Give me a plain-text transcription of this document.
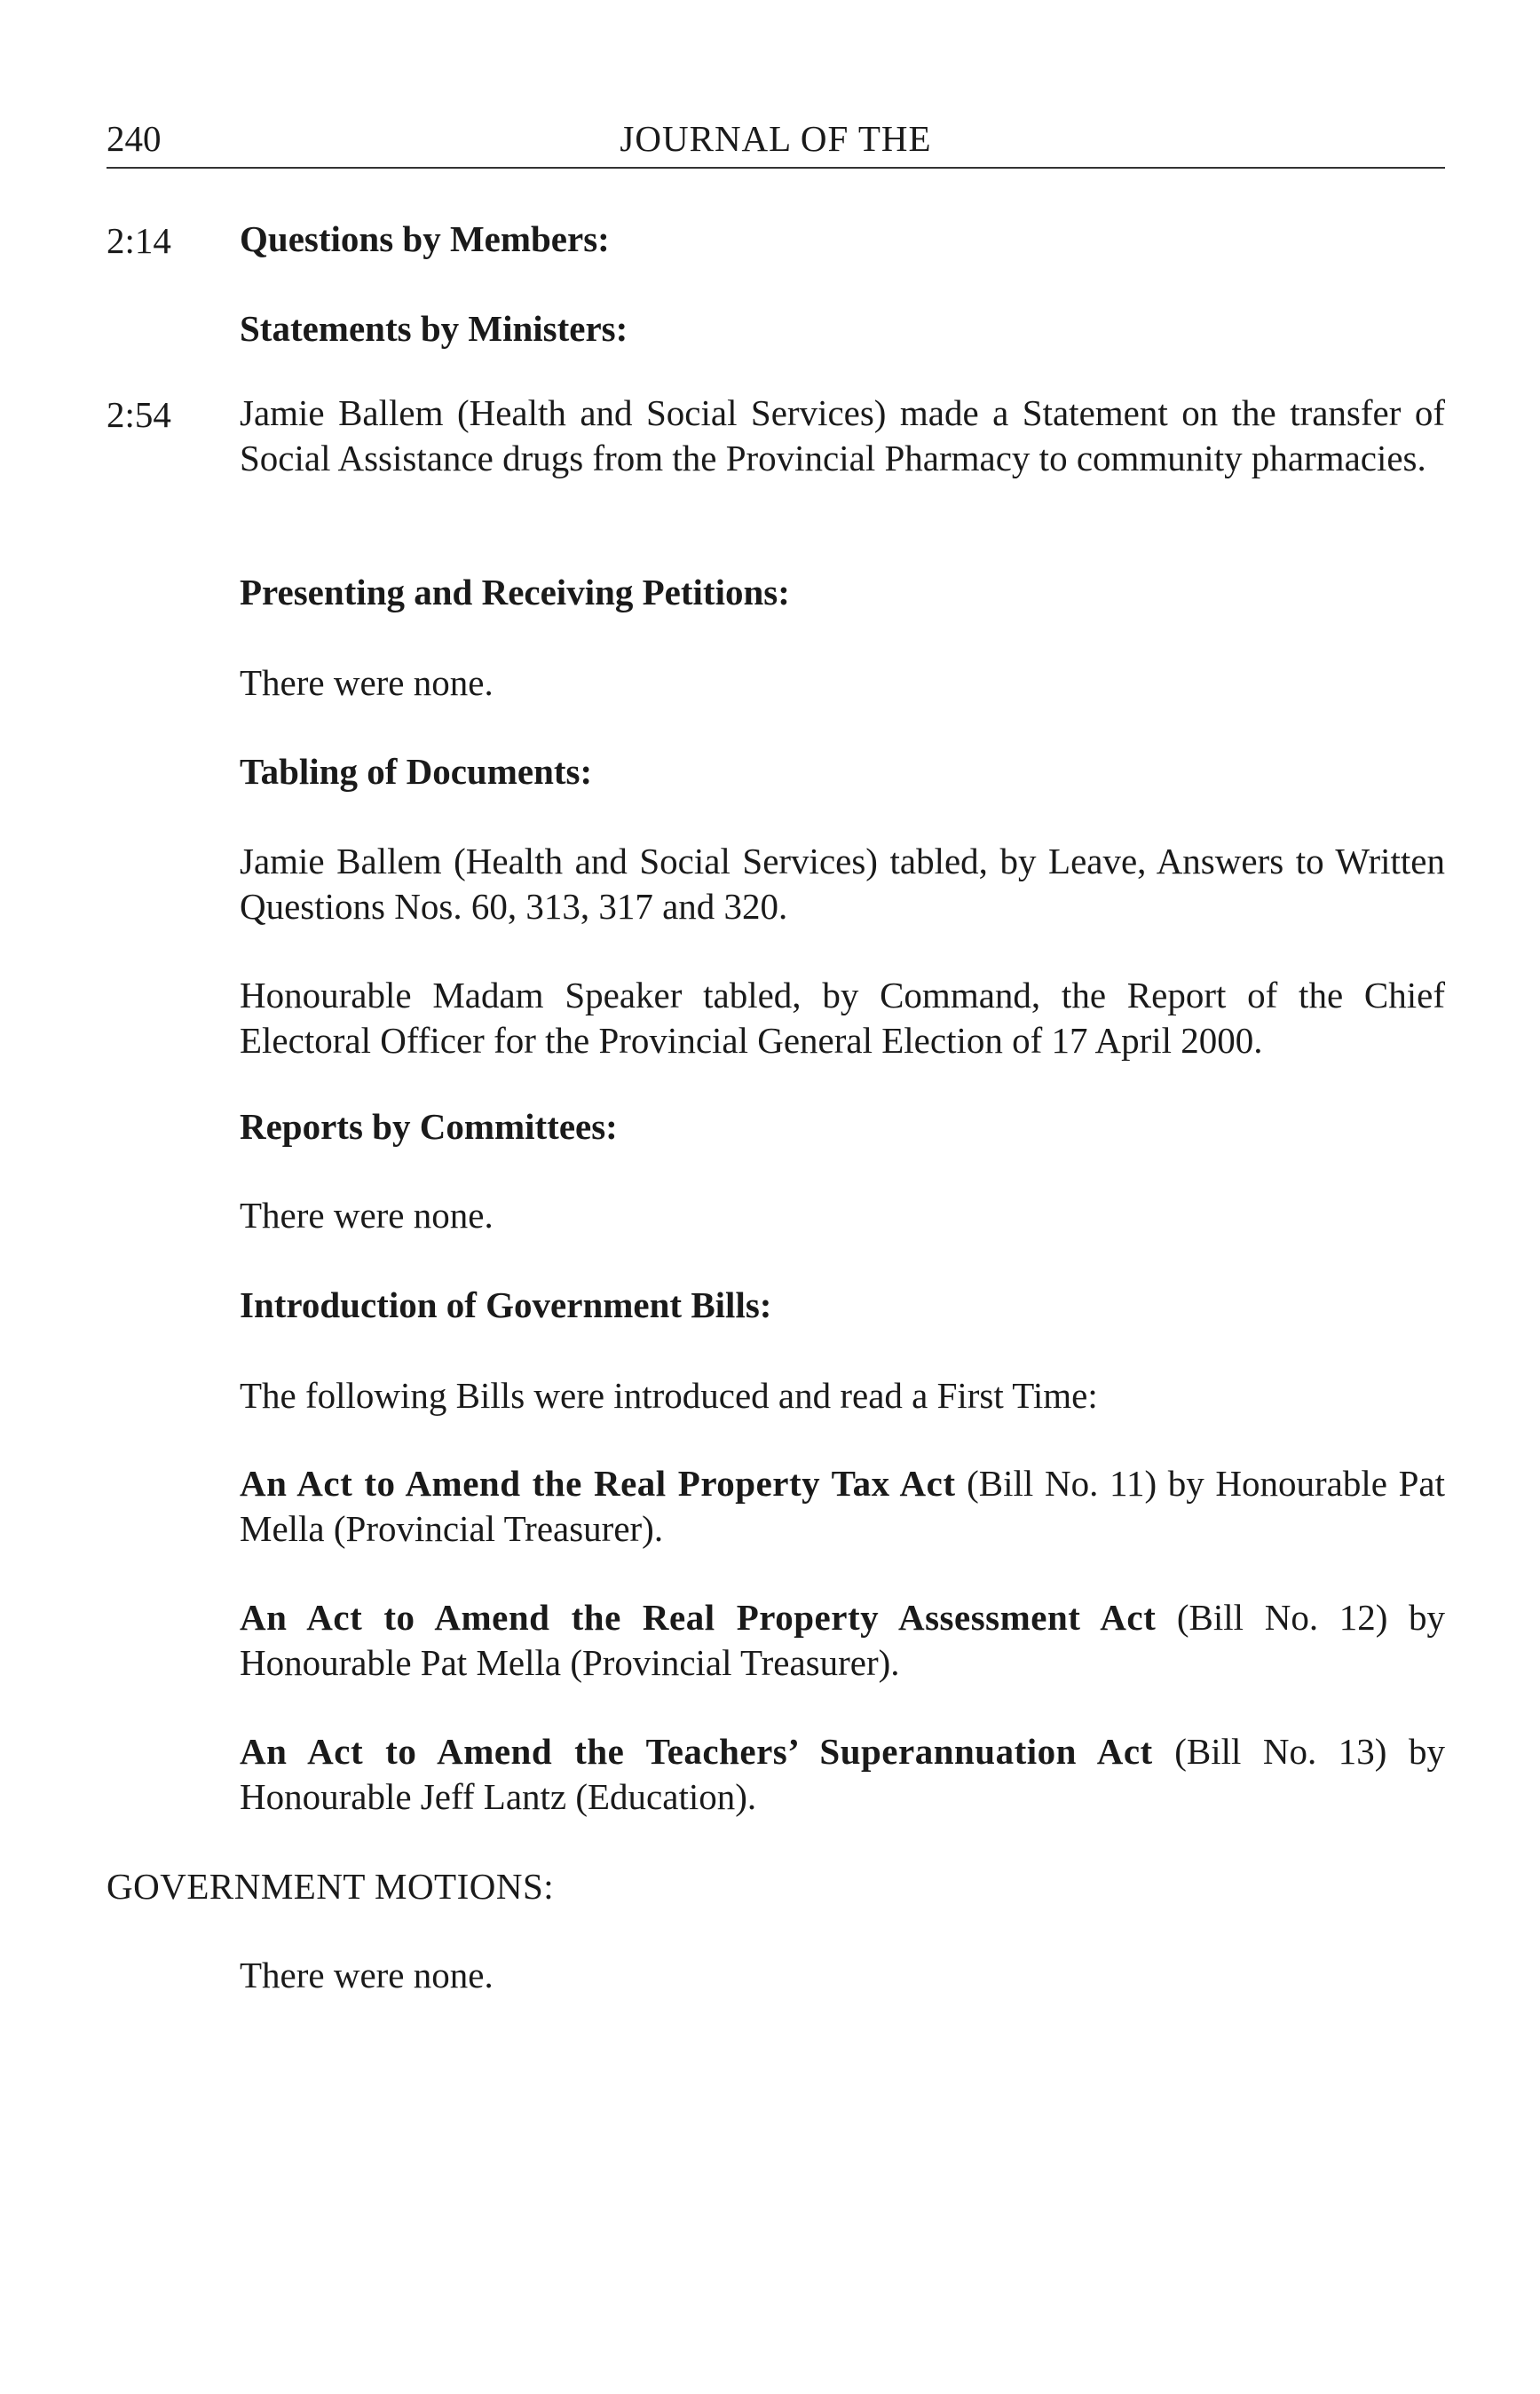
240	JOURNAL OF THE
2:14 Questions by Members:
Statements by Ministers:
2:54 Jamie Ballem (Health and Social Services) made a Statement on the transfer of Social Assistance drugs from the Provincial Pharmacy to community pharmacies.
Presenting and Receiving Petitions:
There were none.
Tabling of Documents:
Jamie Ballem (Health and Social Services) tabled, by Leave, Answers to Written Questions Nos. 60, 313, 317 and 320.
Honourable Madam Speaker tabled, by Command, the Report of the Chief Electoral Officer for the Provincial General Election of 17 April 2000.
Reports by Committees:
There were none.
Introduction of Government Bills:
The following Bills were introduced and read a First Time:
An Act to Amend the Real Property Tax Act (Bill No. 11) by Honourable Pat Mella (Provincial Treasurer).
An Act to Amend the Real Property Assessment Act (Bill No. 12) by Honourable Pat Mella (Provincial Treasurer).
An Act to Amend the Teachers’ Superannuation Act (Bill No. 13) by Honourable Jeff Lantz (Education).
GOVERNMENT MOTIONS:
There were none.
